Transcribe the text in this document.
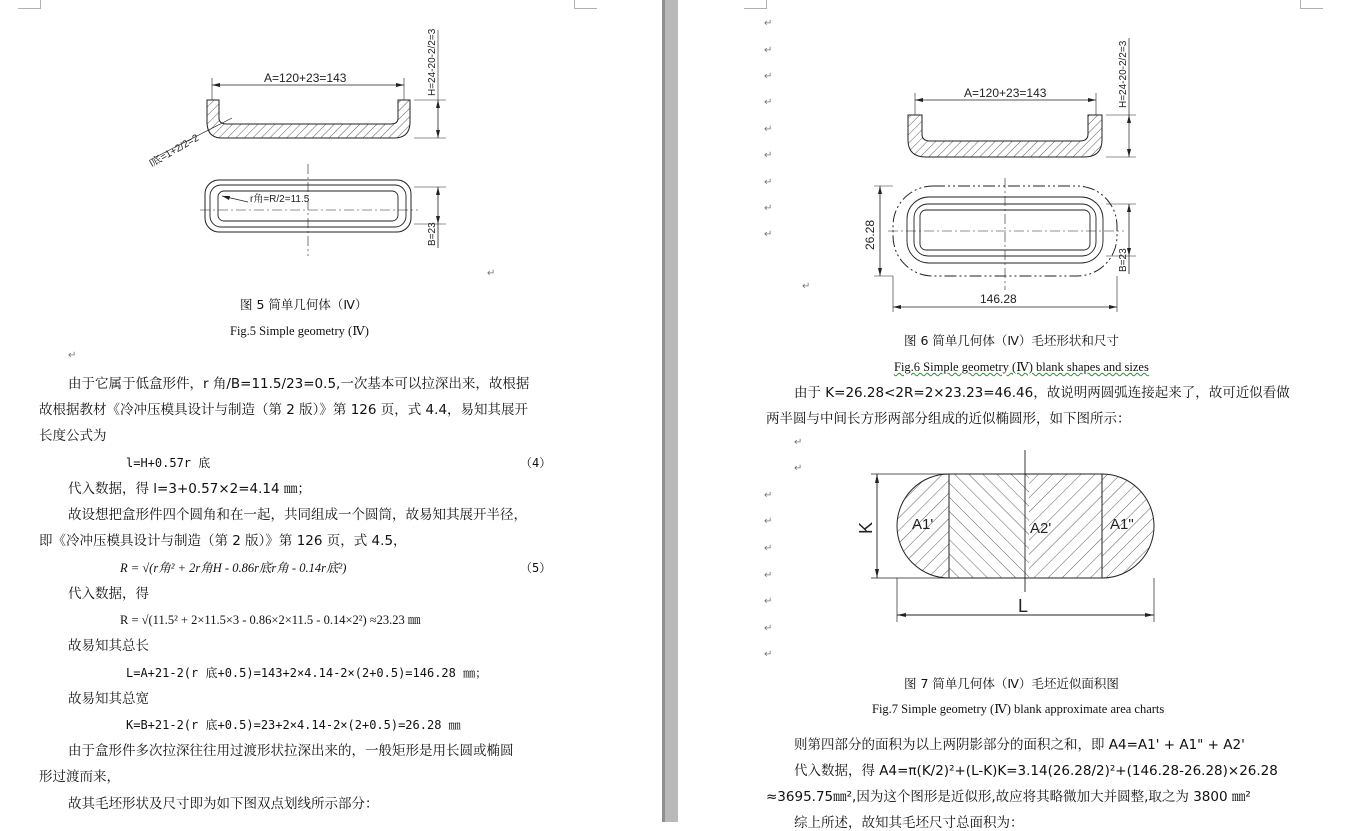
A=120+23=143	H=24-20-2/2=3
l底=1+2/2=2
r角=R/2=11.5
B=23
↵
图 5 简单几何体（Ⅳ）
Fig.5 Simple geometry (Ⅳ)
↵
由于它属于低盒形件，r 角/B=11.5/23=0.5,一次基本可以拉深出来，故根据
故根据教材《冷冲压模具设计与制造（第 2 版）》第 126 页，式 4.4，易知其展开
长度公式为
l=H+0.57r 底	（4）
代入数据，得 l=3+0.57×2=4.14 ㎜；
故设想把盒形件四个圆角和在一起，共同组成一个圆筒，故易知其展开半径，
即《冷冲压模具设计与制造（第 2 版）》第 126 页，式 4.5，
R = √(r角² + 2r角H - 0.86r底r角 - 0.14r底²)	（5）
代入数据，得
R = √(11.5² + 2×11.5×3 - 0.86×2×11.5 - 0.14×2²) ≈23.23 ㎜
故易知其总长
L=A+21-2(r 底+0.5)=143+2×4.14-2×(2+0.5)=146.28 ㎜；
故易知其总宽
K=B+21-2(r 底+0.5)=23+2×4.14-2×(2+0.5)=26.28 ㎜
由于盒形件多次拉深往往用过渡形状拉深出来的，一般矩形是用长圆或椭圆
形过渡而来，
故其毛坯形状及尺寸即为如下图双点划线所示部分：
↵
↵
↵
↵
↵
↵
↵
↵
↵
↵
A=120+23=143	H=24-20-2/2=3
26.28
146.28
B=23
图 6 简单几何体（Ⅳ）毛坯形状和尺寸
Fig.6 Simple geometry (Ⅳ) blank shapes and sizes
由于 K=26.28<2R=2×23.23=46.46，故说明两圆弧连接起来了，故可近似看做
两半圆与中间长方形两部分组成的近似椭圆形，如下图所示：
↵
↵
↵
↵
↵
↵
↵
↵
↵
K
L
A1'	A2'	A1"
图 7 简单几何体（Ⅳ）毛坯近似面积图
Fig.7 Simple geometry (Ⅳ) blank approximate area charts
则第四部分的面积为以上两阴影部分的面积之和，即 A4=A1' + A1" + A2'
代入数据，得 A4=π(K/2)²+(L-K)K=3.14(26.28/2)²+(146.28-26.28)×26.28
≈3695.75㎜²,因为这个图形是近似形,故应将其略微加大并圆整,取之为 3800 ㎜²
综上所述，故知其毛坯尺寸总面积为：
